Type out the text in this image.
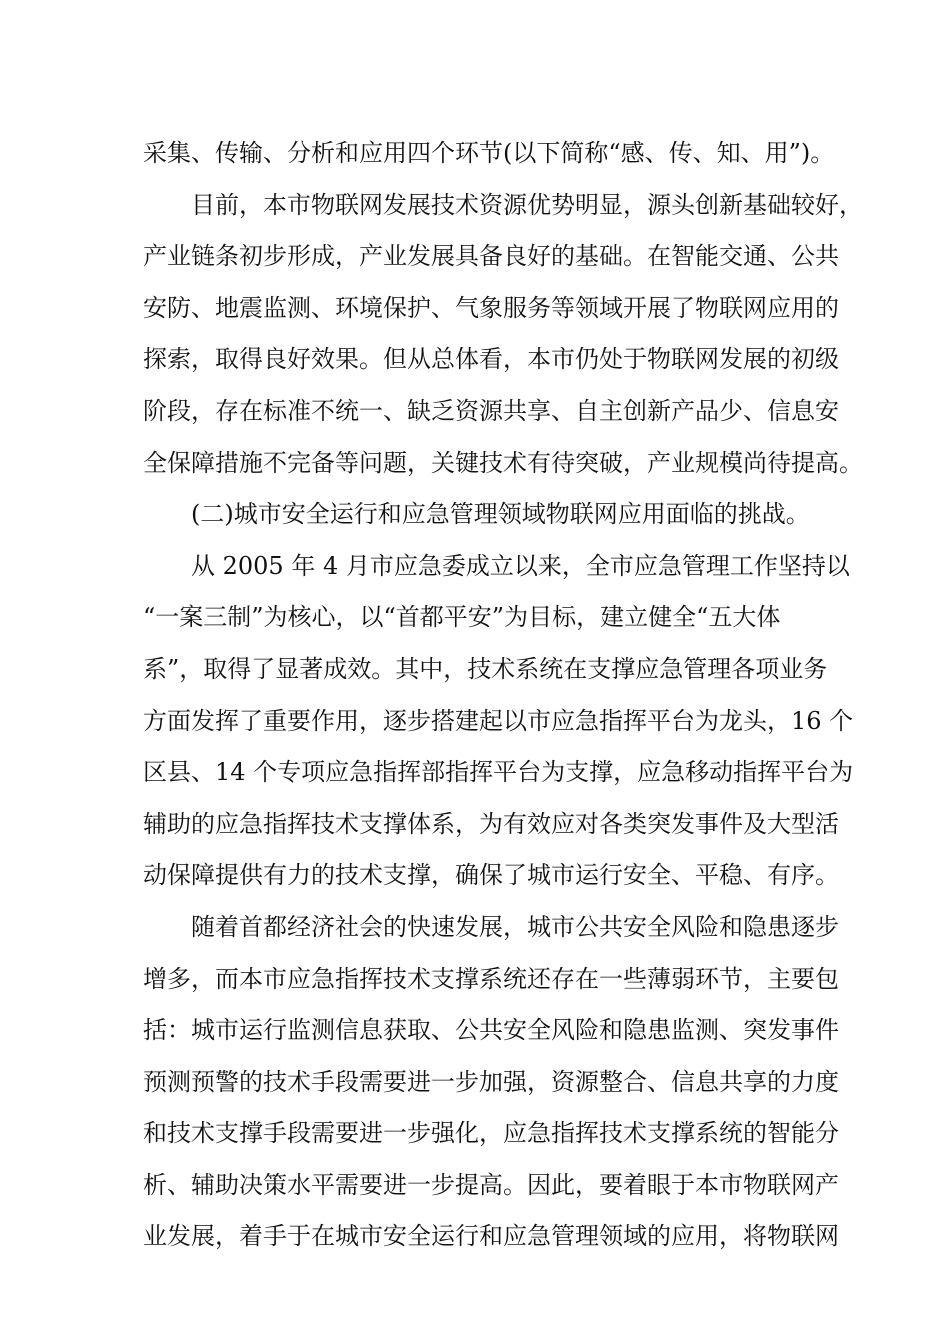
采集、传输、分析和应用四个环节(以下简称“感、传、知、用”)。
目前，本市物联网发展技术资源优势明显，源头创新基础较好，
产业链条初步形成，产业发展具备良好的基础。在智能交通、公共
安防、地震监测、环境保护、气象服务等领域开展了物联网应用的
探索，取得良好效果。但从总体看，本市仍处于物联网发展的初级
阶段，存在标准不统一、缺乏资源共享、自主创新产品少、信息安
全保障措施不完备等问题，关键技术有待突破，产业规模尚待提高。
(二)城市安全运行和应急管理领域物联网应用面临的挑战。
从 2005 年 4 月市应急委成立以来，全市应急管理工作坚持以
“一案三制”为核心，以“首都平安”为目标，建立健全“五大体
系”，取得了显著成效。其中，技术系统在支撑应急管理各项业务
方面发挥了重要作用，逐步搭建起以市应急指挥平台为龙头，16 个
区县、14 个专项应急指挥部指挥平台为支撑，应急移动指挥平台为
辅助的应急指挥技术支撑体系，为有效应对各类突发事件及大型活
动保障提供有力的技术支撑，确保了城市运行安全、平稳、有序。
随着首都经济社会的快速发展，城市公共安全风险和隐患逐步
增多，而本市应急指挥技术支撑系统还存在一些薄弱环节，主要包
括：城市运行监测信息获取、公共安全风险和隐患监测、突发事件
预测预警的技术手段需要进一步加强，资源整合、信息共享的力度
和技术支撑手段需要进一步强化，应急指挥技术支撑系统的智能分
析、辅助决策水平需要进一步提高。因此，要着眼于本市物联网产
业发展，着手于在城市安全运行和应急管理领域的应用，将物联网
